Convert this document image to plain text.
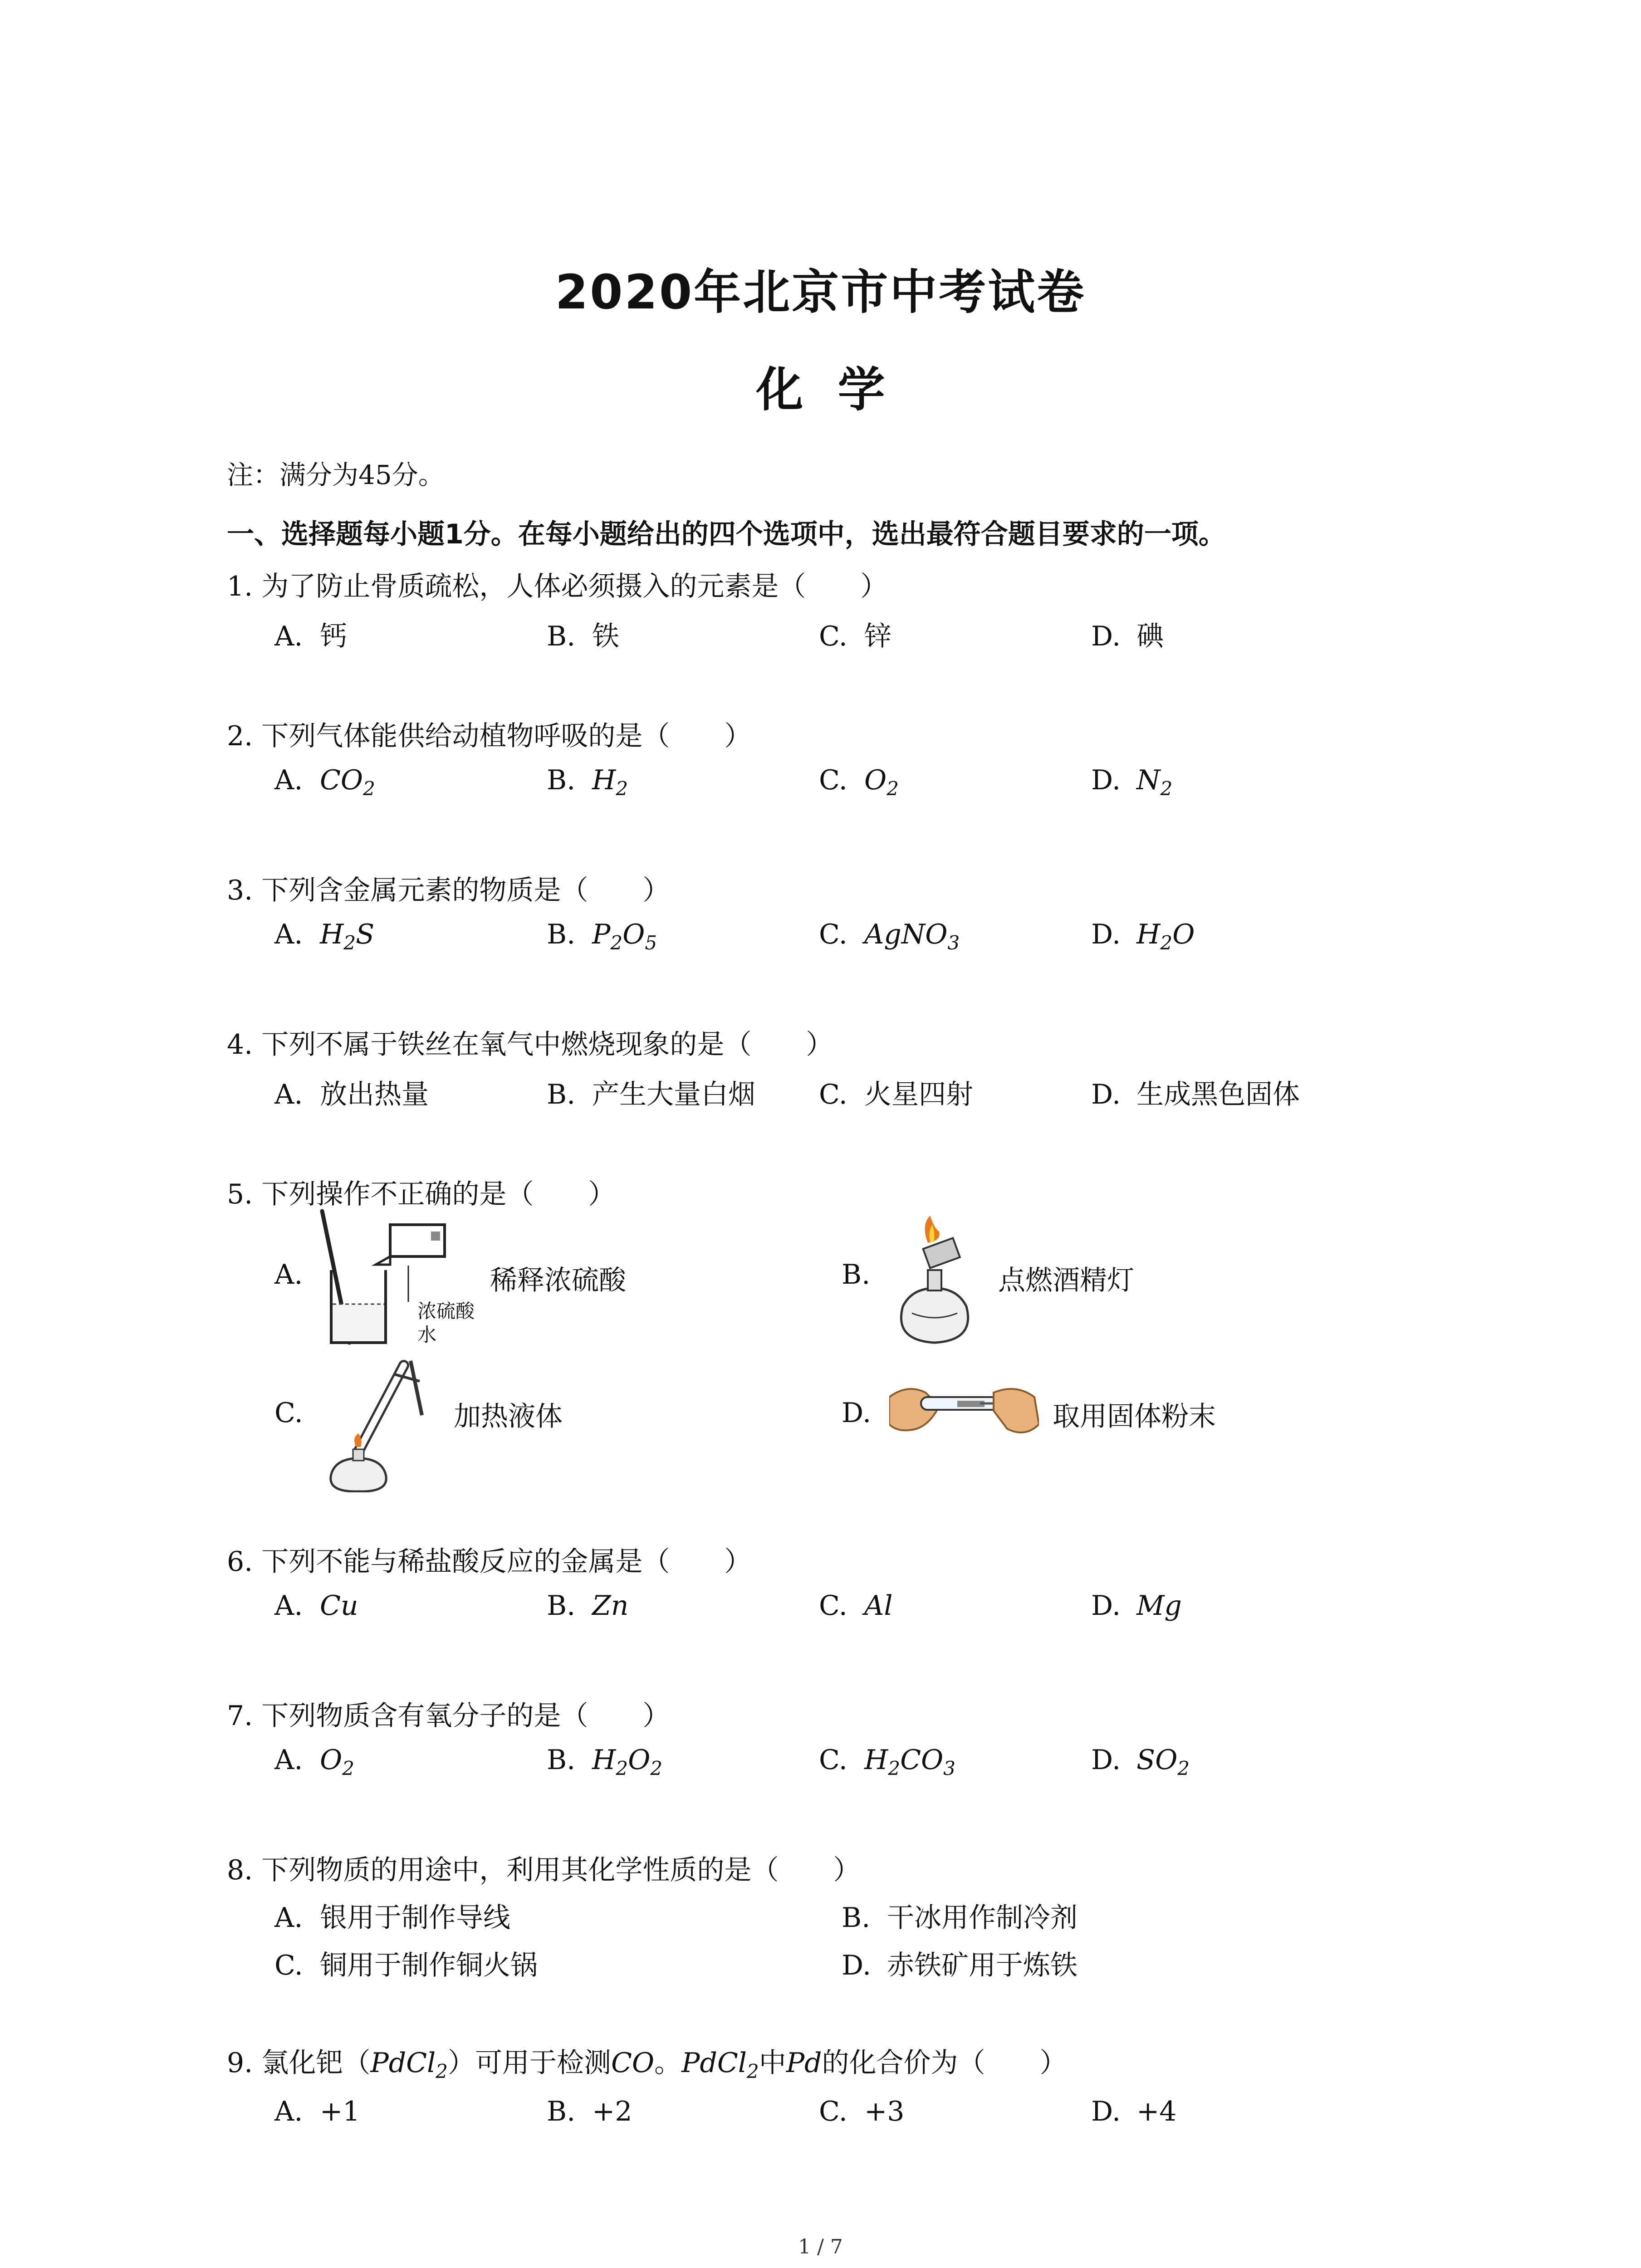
2020年北京市中考试卷
化 学
注：满分为45分。
一、选择题每小题1分。在每小题给出的四个选项中，选出最符合题目要求的一项。
1. 为了防止骨质疏松，人体必须摄入的元素是（　　）
A. 钙	B. 铁	C. 锌	D. 碘
2. 下列气体能供给动植物呼吸的是（　　）
A. $CO_2$	B. $H_2$	C. $O_2$	D. $N_2$
3. 下列含金属元素的物质是（　　）
A. $H_2S$	B. $P_2O_5$	C. AgNO$_3$	D. $H_2O$
4. 下列不属于铁丝在氧气中燃烧现象的是（　　）
A. 放出热量	B. 产生大量白烟 C. 火星四射	D. 生成黑色固体
5. 下列操作不正确的是（　　）
A.	稀释浓硫酸
浓硫酸
水
B.	点燃酒精灯
C.	加热液体	D.	取用固体粉末
6. 下列不能与稀盐酸反应的金属是（　　）
A. Cu	B. Zn	C. Al	D. Mg
7. 下列物质含有氧分子的是（　　）
A. $O_2$	B. $H_2O_2$	C. $H_2CO_3$	D. $SO_2$
8. 下列物质的用途中，利用其化学性质的是（　　）
A. 银用于制作导线	B. 干冰用作制冷剂
C. 铜用于制作铜火锅	D. 赤铁矿用于炼铁
9. 氯化钯（PdCl$_2$）可用于检测CO。PdCl$_2$中Pd的化合价为（　　）
A. +1	B. +2	C. +3	D. +4
1 / 7
